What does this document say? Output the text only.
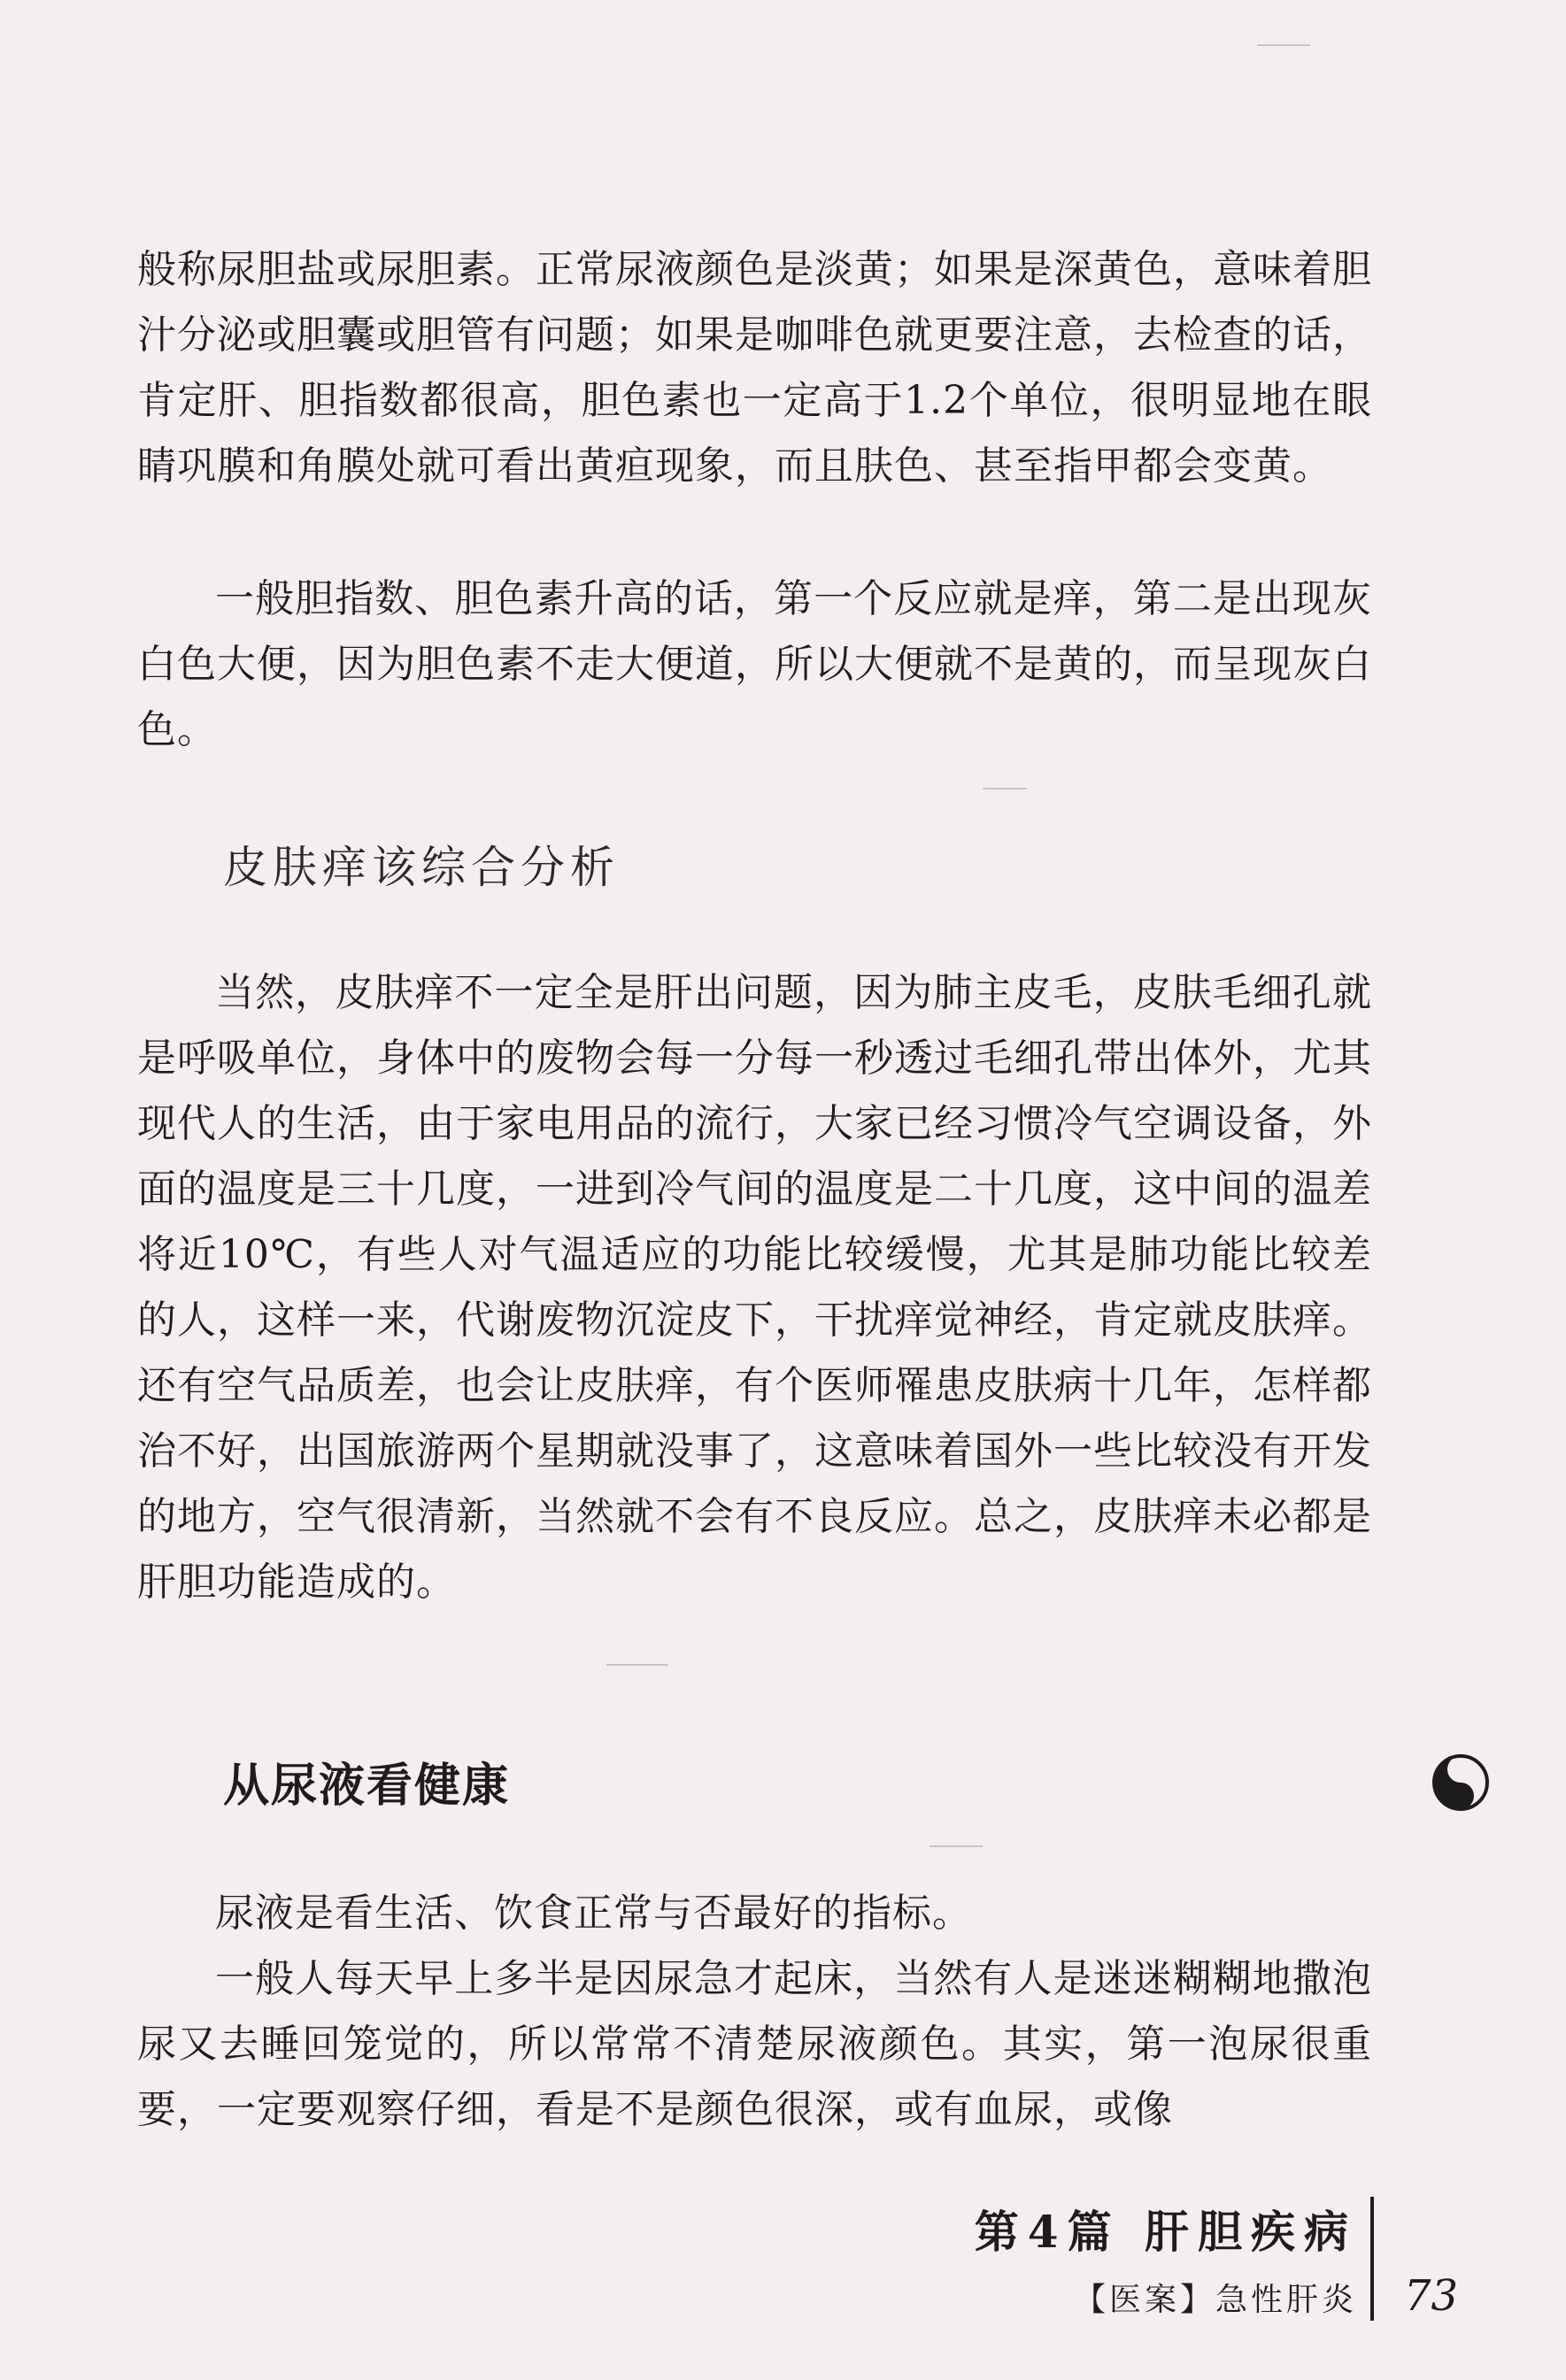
般称尿胆盐或尿胆素。正常尿液颜色是淡黄；如果是深黄色，意味着胆汁分泌或胆囊或胆管有问题；如果是咖啡色就更要注意，去检查的话，肯定肝、胆指数都很高，胆色素也一定高于1.2个单位，很明显地在眼睛巩膜和角膜处就可看出黄疸现象，而且肤色、甚至指甲都会变黄。

一般胆指数、胆色素升高的话，第一个反应就是痒，第二是出现灰白色大便，因为胆色素不走大便道，所以大便就不是黄的，而呈现灰白色。

皮肤痒该综合分析

当然，皮肤痒不一定全是肝出问题，因为肺主皮毛，皮肤毛细孔就是呼吸单位，身体中的废物会每一分每一秒透过毛细孔带出体外，尤其现代人的生活，由于家电用品的流行，大家已经习惯冷气空调设备，外面的温度是三十几度，一进到冷气间的温度是二十几度，这中间的温差将近10℃，有些人对气温适应的功能比较缓慢，尤其是肺功能比较差的人，这样一来，代谢废物沉淀皮下，干扰痒觉神经，肯定就皮肤痒。还有空气品质差，也会让皮肤痒，有个医师罹患皮肤病十几年，怎样都治不好，出国旅游两个星期就没事了，这意味着国外一些比较没有开发的地方，空气很清新，当然就不会有不良反应。总之，皮肤痒未必都是肝胆功能造成的。

从尿液看健康

尿液是看生活、饮食正常与否最好的指标。

一般人每天早上多半是因尿急才起床，当然有人是迷迷糊糊地撒泡尿又去睡回笼觉的，所以常常不清楚尿液颜色。其实，第一泡尿很重要，一定要观察仔细，看是不是颜色很深，或有血尿，或像

第4篇 肝胆疾病
【医案】急性肝炎 73
